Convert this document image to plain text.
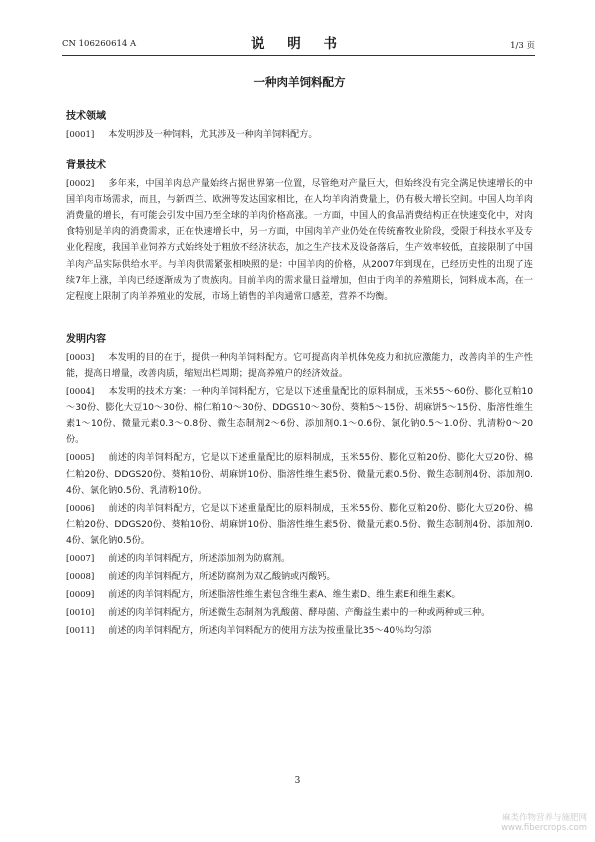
CN 106260614 A	说 明 书	1/3 页
一种肉羊饲料配方
技术领域

[0001] 本发明涉及一种饲料，尤其涉及一种肉羊饲料配方。

背景技术

[0002] 多年来，中国羊肉总产量始终占据世界第一位置，尽管绝对产量巨大，但始终没有完全满足快速增长的中国羊肉市场需求，而且，与新西兰、欧洲等发达国家相比，在人均羊肉消费量上，仍有极大增长空间。中国人均羊肉消费量的增长，有可能会引发中国乃至全球的羊肉价格高涨。一方面，中国人的食品消费结构正在快速变化中，对肉食特别是羊肉的消费需求，正在快速增长中，另一方面，中国肉羊产业仍处在传统畜牧业阶段，受限于科技水平及专业化程度，我国羊业饲养方式始终处于粗放不经济状态，加之生产技术及设备落后，生产效率较低，直接限制了中国羊肉产品实际供给水平。与羊肉供需紧张相映照的是：中国羊肉的价格，从2007年到现在，已经历史性的出现了连续7年上涨，羊肉已经逐渐成为了贵族肉。目前羊肉的需求量日益增加，但由于肉羊的养殖期长，饲料成本高，在一定程度上限制了肉羊养殖业的发展，市场上销售的羊肉通常口感差，营养不均衡。

发明内容

[0003] 本发明的目的在于，提供一种肉羊饲料配方。它可提高肉羊机体免疫力和抗应激能力，改善肉羊的生产性能，提高日增量，改善肉质，缩短出栏周期；提高养殖户的经济效益。

[0004] 本发明的技术方案：一种肉羊饲料配方，它是以下述重量配比的原料制成，玉米55～60份、膨化豆粕10～30份、膨化大豆10～30份、棉仁粕10～30份、DDGS10～30份、葵粕5～15份、胡麻饼5～15份、脂溶性维生素1～10份、微量元素0.3～0.8份、微生态制剂2～6份、添加剂0.1～0.6份、氯化钠0.5～1.0份、乳清粉0～20份。

[0005] 前述的肉羊饲料配方，它是以下述重量配比的原料制成，玉米55份、膨化豆粕20份、膨化大豆20份、棉仁粕20份、DDGS20份、葵粕10份、胡麻饼10份、脂溶性维生素5份、微量元素0.5份、微生态制剂4份、添加剂0.4份、氯化钠0.5份、乳清粉10份。

[0006] 前述的肉羊饲料配方，它是以下述重量配比的原料制成，玉米55份、膨化豆粕20份、膨化大豆20份、棉仁粕20份、DDGS20份、葵粕10份、胡麻饼10份、脂溶性维生素5份、微量元素0.5份、微生态制剂4份、添加剂0.4份、氯化钠0.5份。

[0007] 前述的肉羊饲料配方，所述添加剂为防腐剂。

[0008] 前述的肉羊饲料配方，所述防腐剂为双乙酸钠或丙酸钙。

[0009] 前述的肉羊饲料配方，所述脂溶性维生素包含维生素A、维生素D、维生素E和维生素K。

[0010] 前述的肉羊饲料配方，所述微生态制剂为乳酸菌、酵母菌、产酶益生素中的一种或两种或三种。

[0011] 前述的肉羊饲料配方，所述肉羊饲料配方的使用方法为按重量比35～40％均匀添

3
麻类作物营养与施肥网
www.fibercrops.com
